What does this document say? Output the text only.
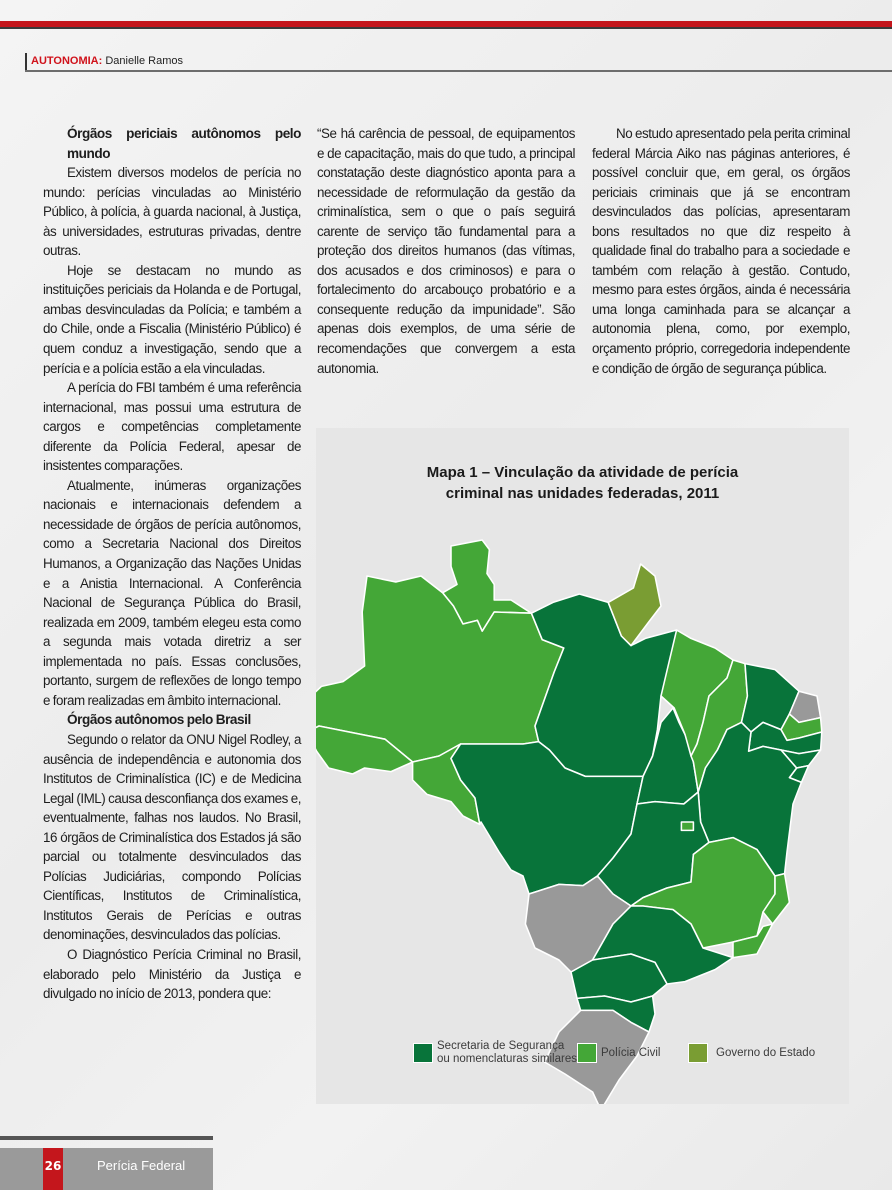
AUTONOMIA: Danielle Ramos
Órgãos periciais autônomos pelo mundo

Existem diversos modelos de perícia no mundo: perícias vinculadas ao Ministério Público, à polícia, à guarda nacional, à Justiça, às universidades, estruturas privadas, dentre outras.

Hoje se destacam no mundo as instituições periciais da Holanda e de Portugal, ambas desvinculadas da Polícia; e também a do Chile, onde a Fiscalia (Ministério Público) é quem conduz a investigação, sendo que a perícia e a polícia estão a ela vinculadas.

A perícia do FBI também é uma referência internacional, mas possui uma estrutura de cargos e competências completamente diferente da Polícia Federal, apesar de insistentes comparações.

Atualmente, inúmeras organizações nacionais e internacionais defendem a necessidade de órgãos de perícia autônomos, como a Secretaria Nacional dos Direitos Humanos, a Organização das Nações Unidas e a Anistia Internacional. A Conferência Nacional de Segurança Pública do Brasil, realizada em 2009, também elegeu esta como a segunda mais votada diretriz a ser implementada no país. Essas conclusões, portanto, surgem de reflexões de longo tempo e foram realizadas em âmbito internacional.

Órgãos autônomos pelo Brasil

Segundo o relator da ONU Nigel Rodley, a ausência de independência e autonomia dos Institutos de Criminalística (IC) e de Medicina Legal (IML) causa desconfiança dos exames e, eventualmente, falhas nos laudos. No Brasil, 16 órgãos de Criminalística dos Estados já são parcial ou totalmente desvinculados das Polícias Judiciárias, compondo Polícias Científicas, Institutos de Criminalística, Institutos Gerais de Perícias e outras denominações, desvinculados das polícias.

O Diagnóstico Perícia Criminal no Brasil, elaborado pelo Ministério da Justiça e divulgado no início de 2013, pondera que:

“Se há carência de pessoal, de equipamentos e de capacitação, mais do que tudo, a principal constatação deste diagnóstico aponta para a necessidade de reformulação da gestão da criminalística, sem o que o país seguirá carente de serviço tão fundamental para a proteção dos direitos humanos (das vítimas, dos acusados e dos criminosos) e para o fortalecimento do arcabouço probatório e a consequente redução da impunidade”. São apenas dois exemplos, de uma série de recomendações que convergem a esta autonomia.

No estudo apresentado pela perita criminal federal Márcia Aiko nas páginas anteriores, é possível concluir que, em geral, os órgãos periciais criminais que já se encontram desvinculados das polícias, apresentaram bons resultados no que diz respeito à qualidade final do trabalho para a sociedade e também com relação à gestão. Contudo, mesmo para estes órgãos, ainda é necessária uma longa caminhada para se alcançar a autonomia plena, como, por exemplo, orçamento próprio, corregedoria independente e condição de órgão de segurança pública.

Mapa 1 – Vinculação da atividade de perícia
criminal nas unidades federadas, 2011
Secretaria de Segurança
ou nomenclaturas similares Polícia Civil	Governo do Estado
26	Perícia Federal
